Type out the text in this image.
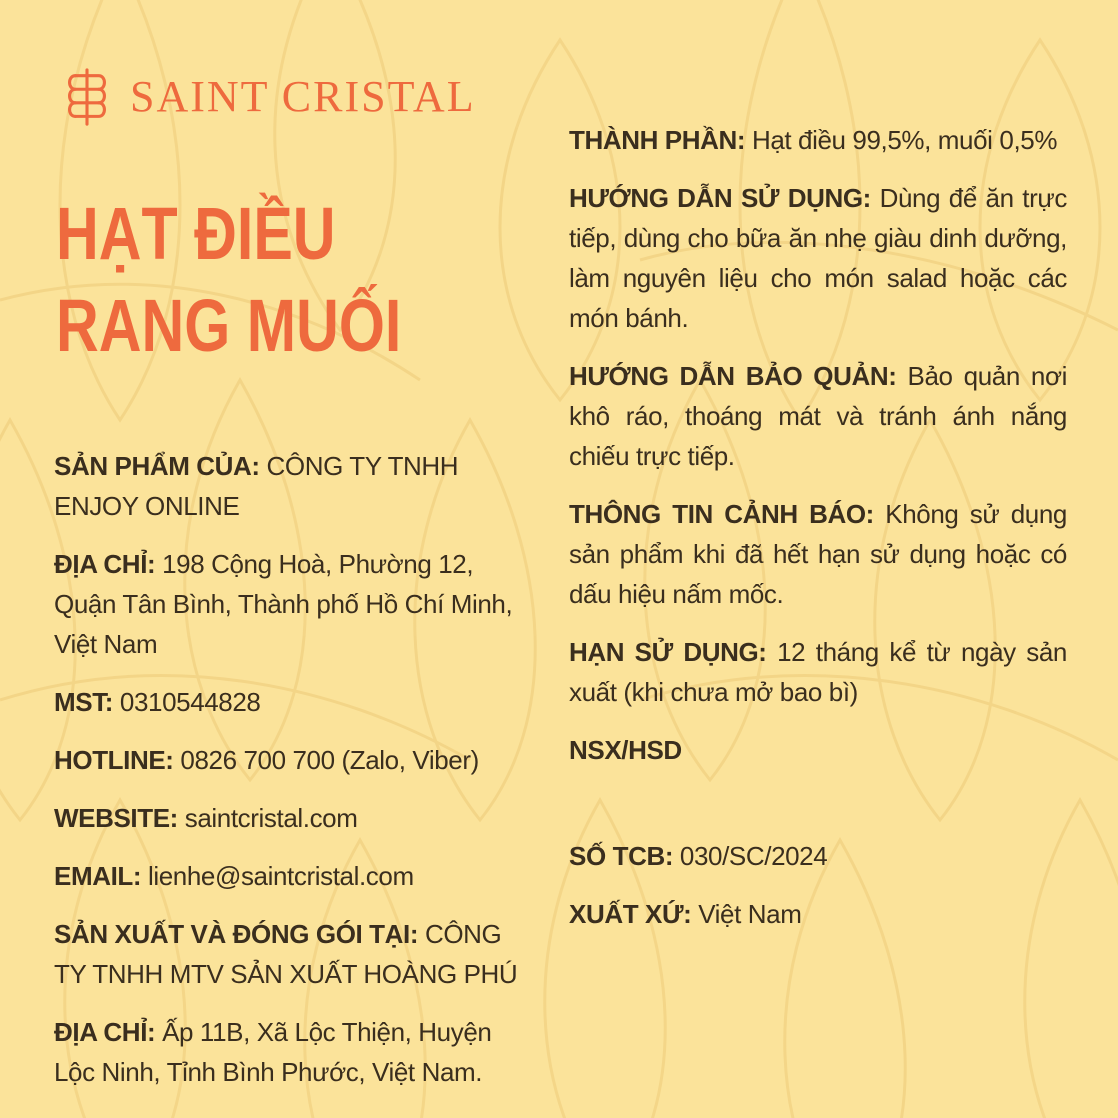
SAINT CRISTAL
HẠT ĐIỀU
RANG MUỐI

SẢN PHẨM CỦA: CÔNG TY TNHH ENJOY ONLINE

ĐỊA CHỈ: 198 Cộng Hoà, Phường 12, Quận Tân Bình, Thành phố Hồ Chí Minh, Việt Nam

MST: 0310544828

HOTLINE: 0826 700 700 (Zalo, Viber)

WEBSITE: saintcristal.com

EMAIL: lienhe@saintcristal.com

SẢN XUẤT VÀ ĐÓNG GÓI TẠI: CÔNG TY TNHH MTV SẢN XUẤT HOÀNG PHÚ

ĐỊA CHỈ: Ấp 11B, Xã Lộc Thiện, Huyện Lộc Ninh, Tỉnh Bình Phước, Việt Nam.

THÀNH PHẦN: Hạt điều 99,5%, muối 0,5%

HƯỚNG DẪN SỬ DỤNG: Dùng để ăn trực tiếp, dùng cho bữa ăn nhẹ giàu dinh dưỡng, làm nguyên liệu cho món salad hoặc các món bánh.

HƯỚNG DẪN BẢO QUẢN: Bảo quản nơi khô ráo, thoáng mát và tránh ánh nắng chiếu trực tiếp.

THÔNG TIN CẢNH BÁO: Không sử dụng sản phẩm khi đã hết hạn sử dụng hoặc có dấu hiệu nấm mốc.

HẠN SỬ DỤNG: 12 tháng kể từ ngày sản xuất (khi chưa mở bao bì)

NSX/HSD

SỐ TCB: 030/SC/2024

XUẤT XỨ: Việt Nam
